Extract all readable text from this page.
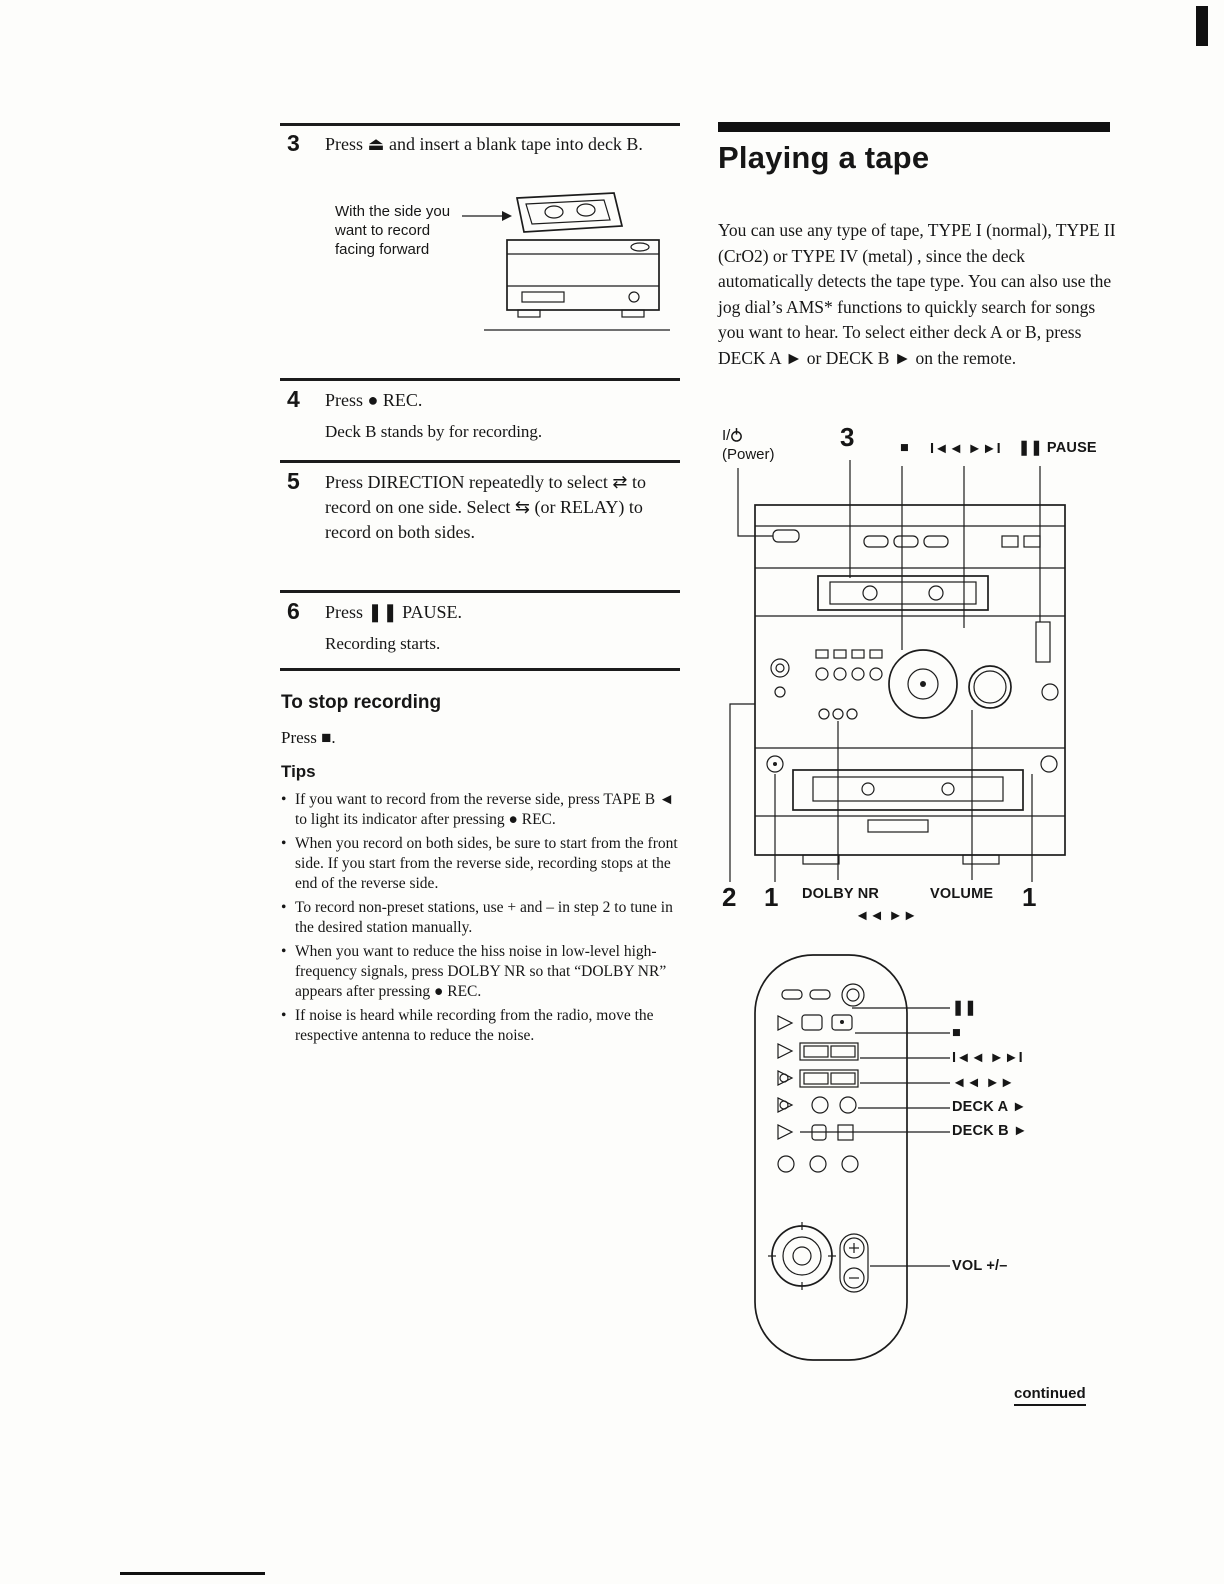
3 Press ⏏ and insert a blank tape into deck B.
With the side you want to record facing forward
4 Press ● REC.
Deck B stands by for recording.
5 Press DIRECTION repeatedly to select ⇄ to record on one side. Select ⇆ (or RELAY) to record on both sides.
6 Press ❚❚ PAUSE.
Recording starts.
To stop recording
Press ■.
Tips
• If you want to record from the reverse side, press TAPE B ◄ to light its indicator after pressing ● REC.
• When you record on both sides, be sure to start from the front side. If you start from the reverse side, recording stops at the end of the reverse side.
• To record non-preset stations, use + and – in step 2 to tune in the desired station manually.
• When you want to reduce the hiss noise in low-level high-frequency signals, press DOLBY NR so that “DOLBY NR” appears after pressing ● REC.
• If noise is heard while recording from the radio, move the respective antenna to reduce the noise.
Playing a tape
You can use any type of tape, TYPE I (normal), TYPE II (CrO2) or TYPE IV (metal) , since the deck automatically detects the tape type. You can also use the jog dial’s AMS* functions to quickly search for songs you want to hear. To select either deck A or B, press DECK A ► or DECK B ► on the remote.
I/
(Power)
3	■ I◄◄ ►►I ❚❚ PAUSE
2 1 DOLBY NR	VOLUME
◄◄ ►►
1
❚❚
■
I◄◄ ►►I
◄◄ ►►
DECK A ►
DECK B ►
VOL +/–
continued
